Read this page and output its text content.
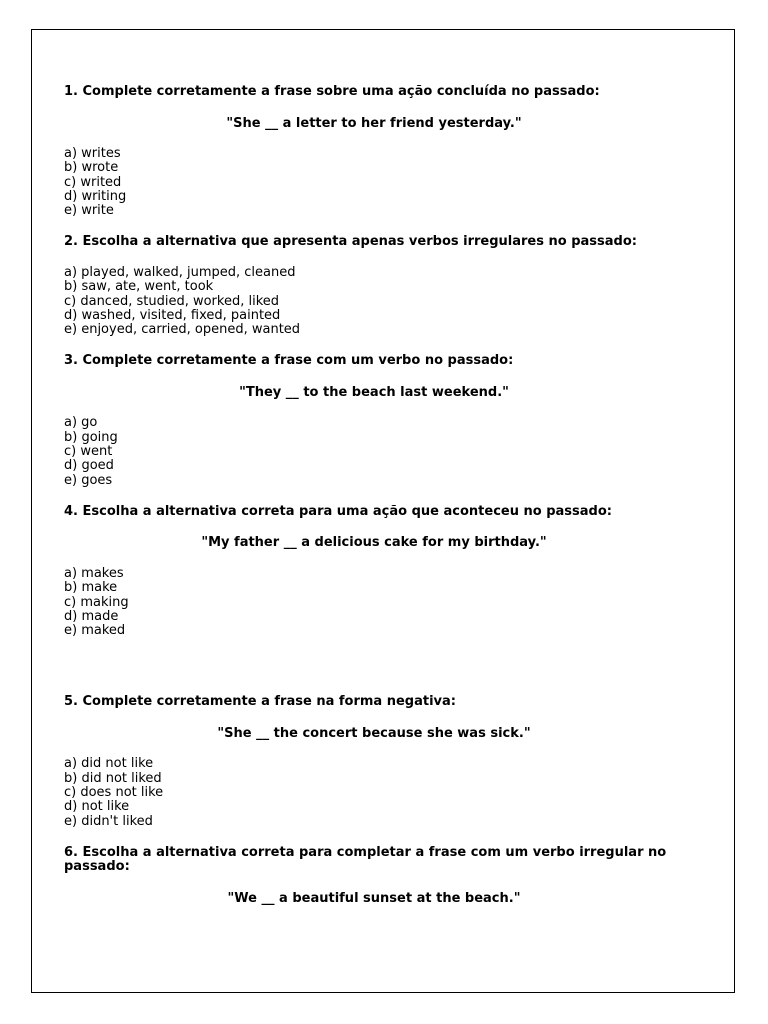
1. Complete corretamente a frase sobre uma ação concluída no passado:

"She __ a letter to her friend yesterday."

a) writes
b) wrote
c) writed
d) writing
e) write

2. Escolha a alternativa que apresenta apenas verbos irregulares no passado:

a) played, walked, jumped, cleaned
b) saw, ate, went, took
c) danced, studied, worked, liked
d) washed, visited, fixed, painted
e) enjoyed, carried, opened, wanted

3. Complete corretamente a frase com um verbo no passado:

"They __ to the beach last weekend."

a) go
b) going
c) went
d) goed
e) goes

4. Escolha a alternativa correta para uma ação que aconteceu no passado:

"My father __ a delicious cake for my birthday."

a) makes
b) make
c) making
d) made
e) maked

5. Complete corretamente a frase na forma negativa:

"She __ the concert because she was sick."

a) did not like
b) did not liked
c) does not like
d) not like
e) didn't liked

6. Escolha a alternativa correta para completar a frase com um verbo irregular no passado:

"We __ a beautiful sunset at the beach."
